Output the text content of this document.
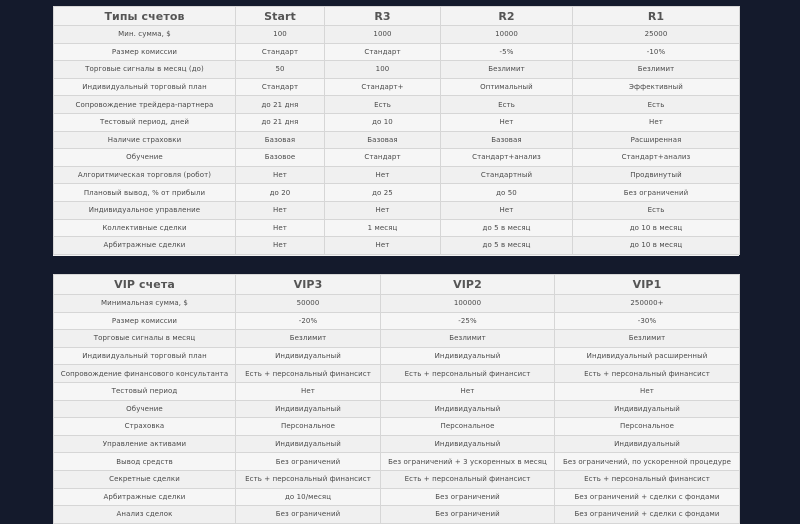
Типы счетов	Start	R3	R2	R1
Мин. сумма, $	100	1000	10000	25000
Размер комиссии	Стандарт	Стандарт	-5%	-10%
Торговые сигналы в месяц (до)	50	100	Безлимит	Безлимит
Индивидуальный торговый план	Стандарт	Стандарт+	Оптимальный	Эффективный
Сопровождение трейдера-партнера	до 21 дня	Есть	Есть	Есть
Тестовый период, дней	до 21 дня	до 10	Нет	Нет
Наличие страховки	Базовая	Базовая	Базовая	Расширенная
Обучение	Базовое	Стандарт	Стандарт+анализ	Стандарт+анализ
Алгоритмическая торговля (робот)	Нет	Нет	Стандартный	Продвинутый
Плановый вывод, % от прибыли	до 20	до 25	до 50	Без ограничений
Индивидуальное управление	Нет	Нет	Нет	Есть
Коллективные сделки	Нет	1 месяц	до 5 в месяц	до 10 в месяц
Арбитражные сделки	Нет	Нет	до 5 в месяц	до 10 в месяц
VIP счета	VIP3	VIP2	VIP1
Минимальная сумма, $	50000	100000	250000+
Размер комиссии	-20%	-25%	-30%
Торговые сигналы в месяц	Безлимит	Безлимит	Безлимит
Индивидуальный торговый план	Индивидуальный	Индивидуальный	Индивидуальный расширенный
Сопровождение финансового консультанта	Есть + персональный финансист	Есть + персональный финансист	Есть + персональный финансист
Тестовый период	Нет	Нет	Нет
Обучение	Индивидуальный	Индивидуальный	Индивидуальный
Страховка	Персональное	Персональное	Персональное
Управление активами	Индивидуальный	Индивидуальный	Индивидуальный
Вывод средств	Без ограничений	Без ограничений + 3 ускоренных в месяц	Без ограничений, по ускоренной процедуре
Секретные сделки	Есть + персональный финансист	Есть + персональный финансист	Есть + персональный финансист
Арбитражные сделки	до 10/месяц	Без ограничений	Без ограничений + сделки с фондами
Анализ сделок	Без ограничений	Без ограничений	Без ограничений + сделки с фондами
